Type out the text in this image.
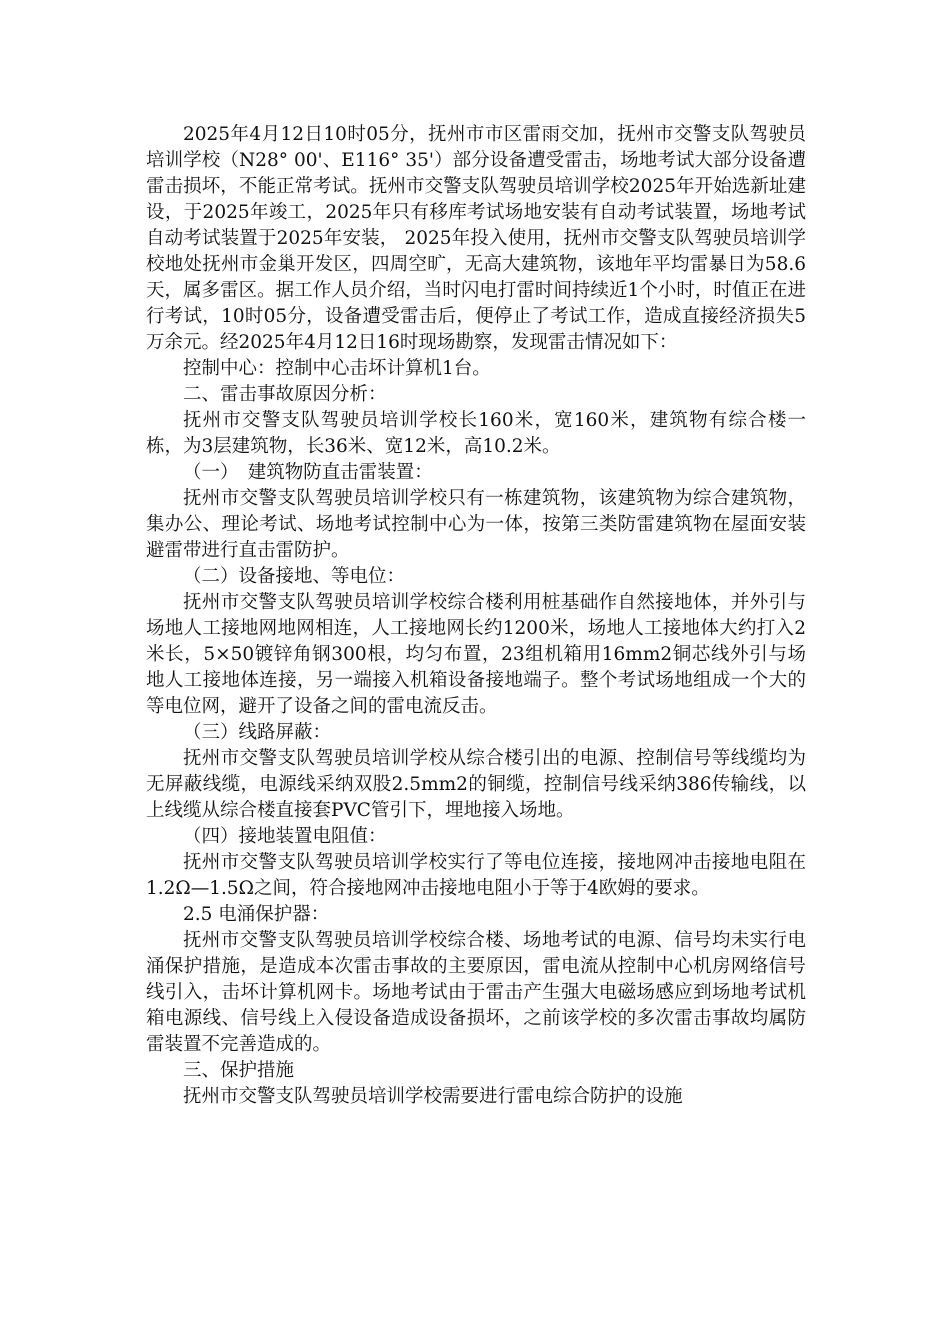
2025年4月12日10时05分，抚州市市区雷雨交加，抚州市交警支队驾驶员培训学校（N28° 00'、E116° 35'）部分设备遭受雷击，场地考试大部分设备遭雷击损坏，不能正常考试。抚州市交警支队驾驶员培训学校2025年开始选新址建设，于2025年竣工，2025年只有移库考试场地安装有自动考试装置，场地考试自动考试装置于2025年安装， 2025年投入使用，抚州市交警支队驾驶员培训学校地处抚州市金巢开发区，四周空旷，无高大建筑物，该地年平均雷暴日为58.6天，属多雷区。据工作人员介绍，当时闪电打雷时间持续近1个小时，时值正在进行考试，10时05分，设备遭受雷击后，便停止了考试工作，造成直接经济损失5万余元。经2025年4月12日16时现场勘察，发现雷击情况如下：

控制中心：控制中心击坏计算机1台。

二、雷击事故原因分析：

抚州市交警支队驾驶员培训学校长160米，宽160米，建筑物有综合楼一栋，为3层建筑物，长36米、宽12米，高10.2米。

（一）　建筑物防直击雷装置：

抚州市交警支队驾驶员培训学校只有一栋建筑物，该建筑物为综合建筑物，集办公、理论考试、场地考试控制中心为一体，按第三类防雷建筑物在屋面安装避雷带进行直击雷防护。

（二）设备接地、等电位：

抚州市交警支队驾驶员培训学校综合楼利用桩基础作自然接地体，并外引与场地人工接地网地网相连，人工接地网长约1200米，场地人工接地体大约打入2米长，5×50镀锌角钢300根，均匀布置，23组机箱用16mm2铜芯线外引与场地人工接地体连接，另一端接入机箱设备接地端子。整个考试场地组成一个大的等电位网，避开了设备之间的雷电流反击。

（三）线路屏蔽：

抚州市交警支队驾驶员培训学校从综合楼引出的电源、控制信号等线缆均为无屏蔽线缆，电源线采纳双股2.5mm2的铜缆，控制信号线采纳386传输线，以上线缆从综合楼直接套PVC管引下，埋地接入场地。

（四）接地装置电阻值：

抚州市交警支队驾驶员培训学校实行了等电位连接，接地网冲击接地电阻在1.2Ω—1.5Ω之间，符合接地网冲击接地电阻小于等于4欧姆的要求。

2.5 电涌保护器：

抚州市交警支队驾驶员培训学校综合楼、场地考试的电源、信号均未实行电涌保护措施，是造成本次雷击事故的主要原因，雷电流从控制中心机房网络信号线引入，击坏计算机网卡。场地考试由于雷击产生强大电磁场感应到场地考试机箱电源线、信号线上入侵设备造成设备损坏，之前该学校的多次雷击事故均属防雷装置不完善造成的。

三、保护措施

抚州市交警支队驾驶员培训学校需要进行雷电综合防护的设施
